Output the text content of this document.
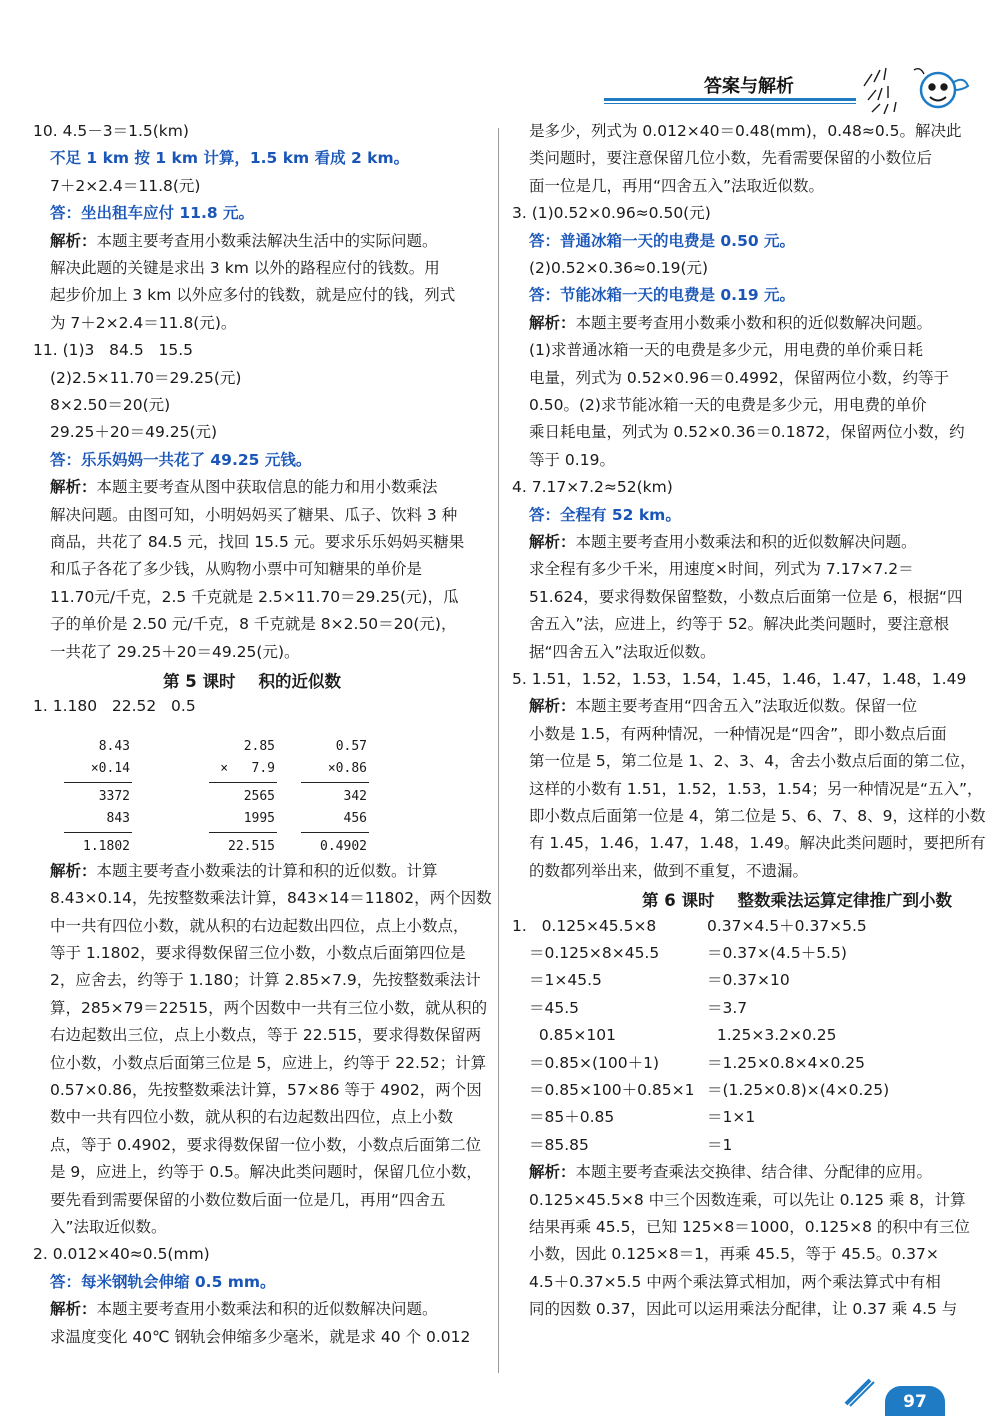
答案与解析
10. 4.5－3＝1.5(km)
不足 1 km 按 1 km 计算，1.5 km 看成 2 km。
7＋2×2.4＝11.8(元)
答：坐出租车应付 11.8 元。
解析：本题主要考查用小数乘法解决生活中的实际问题。
解决此题的关键是求出 3 km 以外的路程应付的钱数。用
起步价加上 3 km 以外应多付的钱数，就是应付的钱，列式
为 7＋2×2.4＝11.8(元)。
11. (1)3   84.5   15.5
(2)2.5×11.70＝29.25(元)
8×2.50＝20(元)
29.25＋20＝49.25(元)
答：乐乐妈妈一共花了 49.25 元钱。
解析：本题主要考查从图中获取信息的能力和用小数乘法
解决问题。由图可知，小明妈妈买了糖果、瓜子、饮料 3 种
商品，共花了 84.5 元，找回 15.5 元。要求乐乐妈妈买糖果
和瓜子各花了多少钱，从购物小票中可知糖果的单价是
11.70元/千克，2.5 千克就是 2.5×11.70＝29.25(元)，瓜
子的单价是 2.50 元/千克，8 千克就是 8×2.50＝20(元)，
一共花了 29.25＋20＝49.25(元)。
第 5 课时    积的近似数
1. 1.180   22.52   0.5
解析：本题主要考查小数乘法的计算和积的近似数。计算
8.43×0.14，先按整数乘法计算，843×14＝11802，两个因数
中一共有四位小数，就从积的右边起数出四位，点上小数点，
等于 1.1802，要求得数保留三位小数，小数点后面第四位是
2，应舍去，约等于 1.180；计算 2.85×7.9，先按整数乘法计
算，285×79＝22515，两个因数中一共有三位小数，就从积的
右边起数出三位，点上小数点，等于 22.515，要求得数保留两
位小数，小数点后面第三位是 5，应进上，约等于 22.52；计算
0.57×0.86，先按整数乘法计算，57×86 等于 4902，两个因
数中一共有四位小数，就从积的右边起数出四位，点上小数
点，等于 0.4902，要求得数保留一位小数，小数点后面第二位
是 9，应进上，约等于 0.5。解决此类问题时，保留几位小数，
要先看到需要保留的小数位数后面一位是几，再用“四舍五
入”法取近似数。
2. 0.012×40≈0.5(mm)
答：每米钢轨会伸缩 0.5 mm。
解析：本题主要考查用小数乘法和积的近似数解决问题。
求温度变化 40℃ 钢轨会伸缩多少毫米，就是求 40 个 0.012
是多少，列式为 0.012×40＝0.48(mm)，0.48≈0.5。解决此
类问题时，要注意保留几位小数，先看需要保留的小数位后
面一位是几，再用“四舍五入”法取近似数。
3. (1)0.52×0.96≈0.50(元)
答：普通冰箱一天的电费是 0.50 元。
(2)0.52×0.36≈0.19(元)
答：节能冰箱一天的电费是 0.19 元。
解析：本题主要考查用小数乘小数和积的近似数解决问题。
(1)求普通冰箱一天的电费是多少元，用电费的单价乘日耗
电量，列式为 0.52×0.96＝0.4992，保留两位小数，约等于
0.50。(2)求节能冰箱一天的电费是多少元，用电费的单价
乘日耗电量，列式为 0.52×0.36＝0.1872，保留两位小数，约
等于 0.19。
4. 7.17×7.2≈52(km)
答：全程有 52 km。
解析：本题主要考查用小数乘法和积的近似数解决问题。
求全程有多少千米，用速度×时间，列式为 7.17×7.2＝
51.624，要求得数保留整数，小数点后面第一位是 6，根据“四
舍五入”法，应进上，约等于 52。解决此类问题时，要注意根
据“四舍五入”法取近似数。
5. 1.51，1.52，1.53，1.54，1.45，1.46，1.47，1.48，1.49
解析：本题主要考查用“四舍五入”法取近似数。保留一位
小数是 1.5，有两种情况，一种情况是“四舍”，即小数点后面
第一位是 5，第二位是 1、2、3、4，舍去小数点后面的第二位，
这样的小数有 1.51，1.52，1.53，1.54；另一种情况是“五入”，
即小数点后面第一位是 4，第二位是 5、6、7、8、9，这样的小数
有 1.45，1.46，1.47，1.48，1.49。解决此类问题时，要把所有
的数都列举出来，做到不重复，不遗漏。
第 6 课时    整数乘法运算定律推广到小数
1.   0.125×45.5×8	0.37×4.5＋0.37×5.5
＝0.125×8×45.5	＝0.37×(4.5＋5.5)
＝1×45.5	＝0.37×10
＝45.5	＝3.7
0.85×101	1.25×3.2×0.25
＝0.85×(100＋1)	＝1.25×0.8×4×0.25
＝0.85×100＋0.85×1 ＝(1.25×0.8)×(4×0.25)
＝85＋0.85	＝1×1
＝85.85	＝1
解析：本题主要考查乘法交换律、结合律、分配律的应用。
0.125×45.5×8 中三个因数连乘，可以先让 0.125 乘 8，计算
结果再乘 45.5，已知 125×8＝1000，0.125×8 的积中有三位
小数，因此 0.125×8＝1，再乘 45.5，等于 45.5。0.37×
4.5＋0.37×5.5 中两个乘法算式相加，两个乘法算式中有相
同的因数 0.37，因此可以运用乘法分配律，让 0.37 乘 4.5 与
8.43
×0.14
3372
843
1.1802
2.85
×   7.9
2565
1995
22.515
0.57
×0.86
342
456
0.4902
97
